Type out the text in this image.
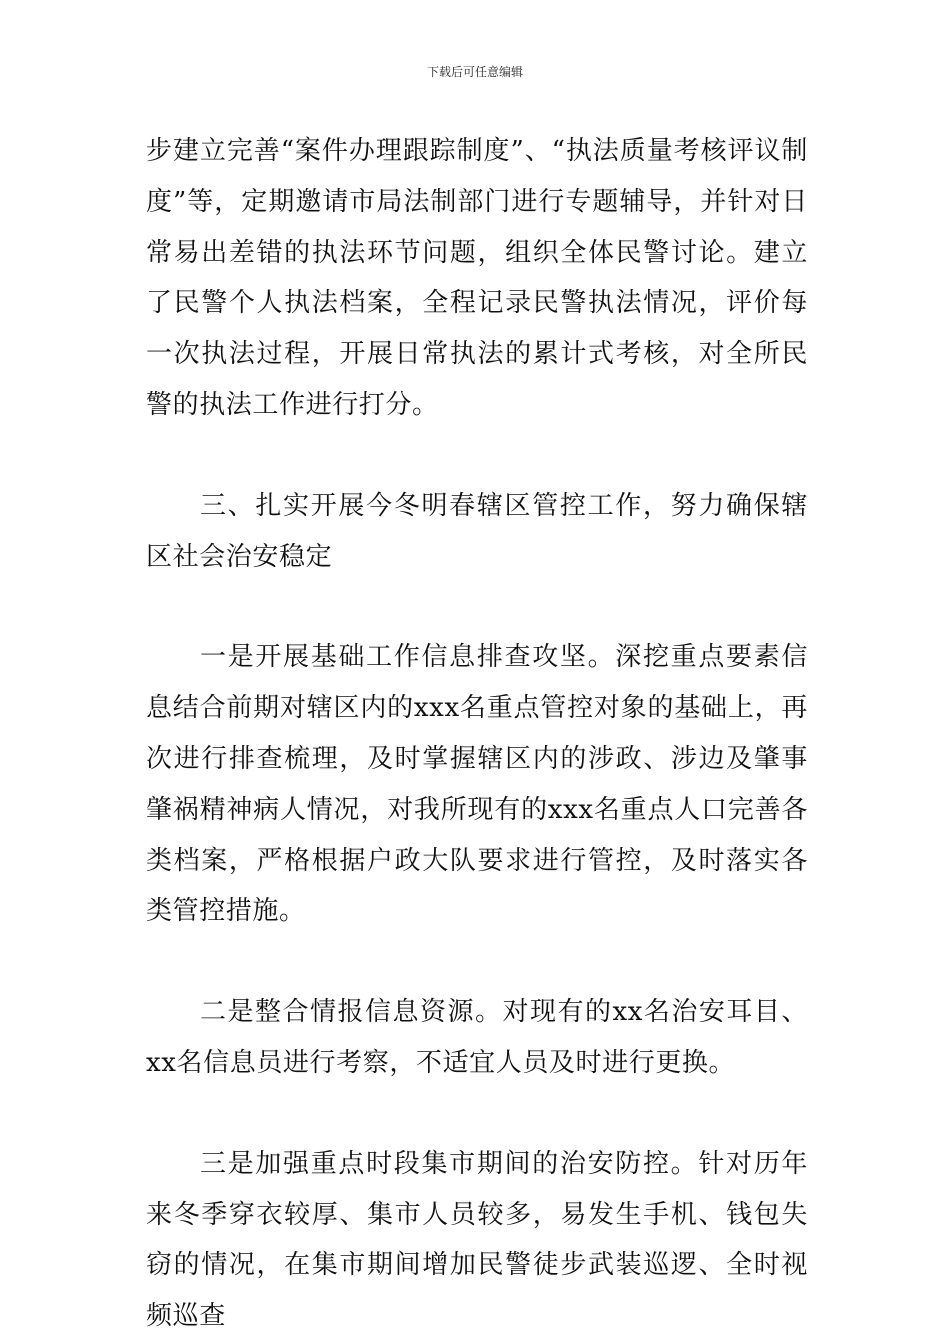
下载后可任意编辑

步建立完善“案件办理跟踪制度”、“执法质量考核评议制度”等，定期邀请市局法制部门进行专题辅导，并针对日常易出差错的执法环节问题，组织全体民警讨论。建立了民警个人执法档案，全程记录民警执法情况，评价每一次执法过程，开展日常执法的累计式考核，对全所民警的执法工作进行打分。

三、扎实开展今冬明春辖区管控工作，努力确保辖区社会治安稳定

一是开展基础工作信息排查攻坚。深挖重点要素信息结合前期对辖区内的xxx名重点管控对象的基础上，再次进行排查梳理，及时掌握辖区内的涉政、涉边及肇事肇祸精神病人情况，对我所现有的xxx名重点人口完善各类档案，严格根据户政大队要求进行管控，及时落实各类管控措施。

二是整合情报信息资源。对现有的xx名治安耳目、xx名信息员进行考察，不适宜人员及时进行更换。

三是加强重点时段集市期间的治安防控。针对历年来冬季穿衣较厚、集市人员较多，易发生手机、钱包失窃的情况，在集市期间增加民警徒步武装巡逻、全时视频巡查
